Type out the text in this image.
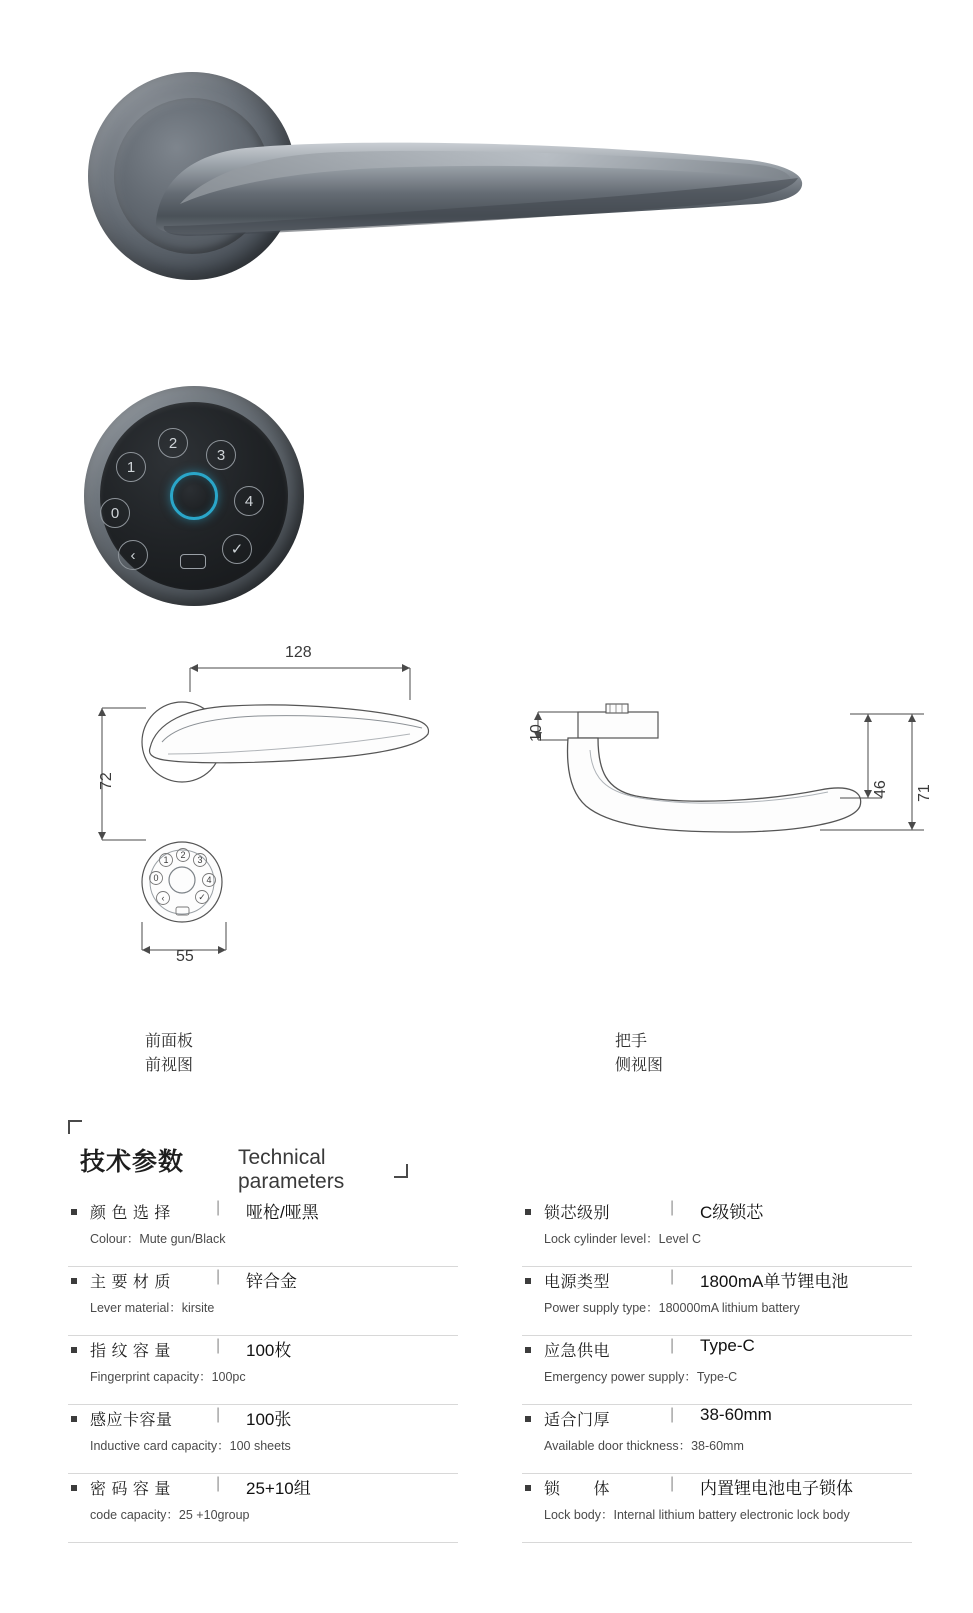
2
1
3
0
4
‹	✓
1 2 3
0	4
‹	✓
128
72
55
10
46 71
前面板
前视图
把手
侧视图
技术参数	Technical parameters
颜 色 选 择	| 哑枪/哑黑
Colour：Mute gun/Black
主 要 材 质	| 锌合金
Lever material：kirsite
指 纹 容 量	| 100枚
Fingerprint capacity：100pc
感应卡容量	| 100张
Inductive card capacity：100 sheets
密 码 容 量	| 25+10组
code capacity：25 +10group
锁芯级别	| C级锁芯
Lock cylinder level：Level C
电源类型	| 1800mA单节锂电池
Power supply type：180000mA lithium battery
应急供电	| Type-C
Emergency power supply：Type-C
适合门厚	| 38-60mm
Available door thickness：38-60mm
锁　　体	| 内置锂电池电子锁体
Lock body：Internal lithium battery electronic lock body
